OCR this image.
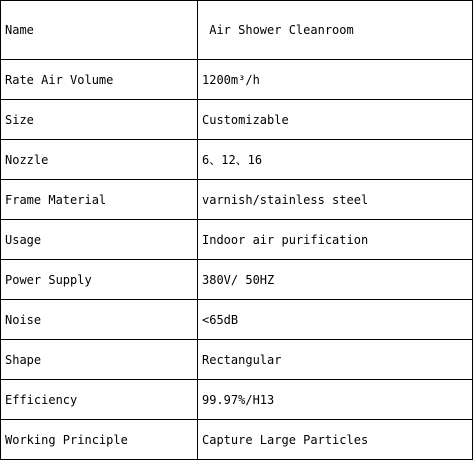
Name	Air Shower Cleanroom
Rate Air Volume	1200m³/h
Size	Customizable
Nozzle	6、12、16
Frame Material	varnish/stainless steel
Usage	Indoor air purification
Power Supply	380V/ 50HZ
Noise	<65dB
Shape	Rectangular
Efficiency	99.97%/H13
Working Principle	Capture Large Particles
